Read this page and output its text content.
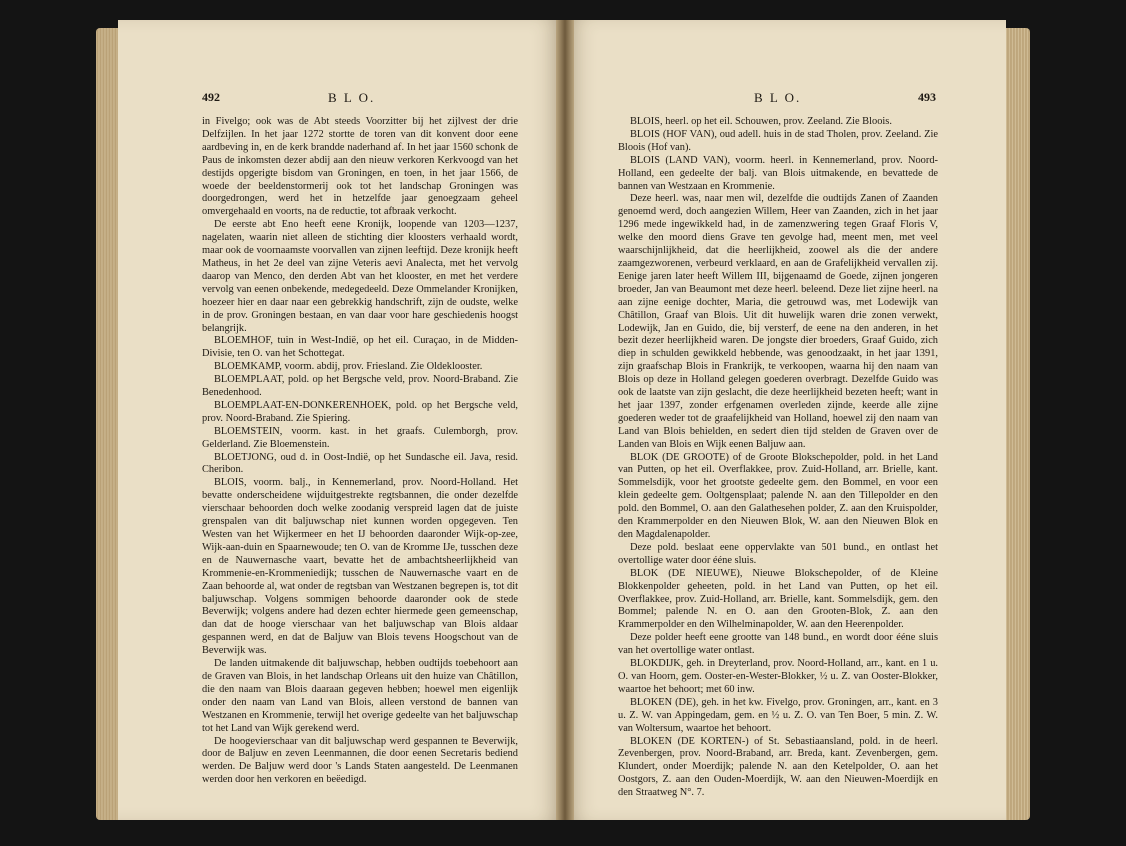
492	B L O.

in Fivelgo; ook was de Abt steeds Voorzitter bij het zijlvest der drie Delfzijlen. In het jaar 1272 stortte de toren van dit konvent door eene aardbeving in, en de kerk brandde naderhand af. In het jaar 1560 schonk de Paus de inkomsten dezer abdij aan den nieuw verkoren Kerkvoogd van het destijds opgerigte bisdom van Groningen, en toen, in het jaar 1566, de woede der beeldenstormerij ook tot het landschap Groningen was doorgedrongen, werd het in hetzelfde jaar genoegzaam geheel omvergehaald en voorts, na de reductie, tot afbraak verkocht.

De eerste abt Eno heeft eene Kronijk, loopende van 1203—1237, nagelaten, waarin niet alleen de stichting dier kloosters verhaald wordt, maar ook de voornaamste voorvallen van zijnen leeftijd. Deze kronijk heeft Matheus, in het 2e deel van zijne Veteris aevi Analecta, met het vervolg daarop van Menco, den derden Abt van het klooster, en met het verdere vervolg van eenen onbekende, medegedeeld. Deze Ommelander Kronijken, hoezeer hier en daar naar een gebrekkig handschrift, zijn de oudste, welke in de prov. Groningen bestaan, en van daar voor hare geschiedenis hoogst belangrijk.

BLOEMHOF, tuin in West-Indië, op het eil. Curaçao, in de Midden-Divisie, ten O. van het Schottegat.

BLOEMKAMP, voorm. abdij, prov. Friesland. Zie Oldeklooster.

BLOEMPLAAT, pold. op het Bergsche veld, prov. Noord-Braband. Zie Benedenhood.

BLOEMPLAAT-EN-DONKERENHOEK, pold. op het Bergsche veld, prov. Noord-Braband. Zie Spiering.

BLOEMSTEIN, voorm. kast. in het graafs. Culemborgh, prov. Gelderland. Zie Bloemenstein.

BLOETJONG, oud d. in Oost-Indië, op het Sundasche eil. Java, resid. Cheribon.

BLOIS, voorm. balj., in Kennemerland, prov. Noord-Holland. Het bevatte onderscheidene wijduitgestrekte regtsbannen, die onder dezelfde vierschaar behoorden doch welke zoodanig verspreid lagen dat de juiste grenspalen van dit baljuwschap niet kunnen worden opgegeven. Ten Westen van het Wijkermeer en het IJ behoorden daaronder Wijk-op-zee, Wijk-aan-duin en Spaarnewoude; ten O. van de Kromme IJe, tusschen deze en de Nauwernasche vaart, bevatte het de ambachtsheerlijkheid van Krommenie-en-Krommeniedijk; tusschen de Nauwernasche vaart en de Zaan behoorde al, wat onder de regtsban van Westzanen begrepen is, tot dit baljuwschap. Volgens sommigen behoorde daaronder ook de stede Beverwijk; volgens andere had dezen echter hiermede geen gemeenschap, dan dat de hooge vierschaar van het baljuwschap van Blois aldaar gespannen werd, en dat de Baljuw van Blois tevens Hoogschout van de Beverwijk was.

De landen uitmakende dit baljuwschap, hebben oudtijds toebehoort aan de Graven van Blois, in het landschap Orleans uit den huize van Châtillon, die den naam van Blois daaraan gegeven hebben; hoewel men eigenlijk onder den naam van Land van Blois, alleen verstond de bannen van Westzanen en Krommenie, terwijl het overige gedeelte van het baljuwschap tot het Land van Wijk gerekend werd.

De hoogevierschaar van dit baljuwschap werd gespannen te Beverwijk, door de Baljuw en zeven Leenmannen, die door eenen Secretaris bediend werden. De Baljuw werd door 's Lands Staten aangesteld. De Leenmanen werden door hen verkoren en beëedigd.

B L O.	493

BLOIS, heerl. op het eil. Schouwen, prov. Zeeland. Zie Bloois.

BLOIS (HOF VAN), oud adell. huis in de stad Tholen, prov. Zeeland. Zie Bloois (Hof van).

BLOIS (LAND VAN), voorm. heerl. in Kennemerland, prov. Noord-Holland, een gedeelte der balj. van Blois uitmakende, en bevattede de bannen van Westzaan en Krommenie.

Deze heerl. was, naar men wil, dezelfde die oudtijds Zanen of Zaanden genoemd werd, doch aangezien Willem, Heer van Zaanden, zich in het jaar 1296 mede ingewikkeld had, in de zamenzwering tegen Graaf Floris V, welke den moord diens Grave ten gevolge had, meent men, met veel waarschijnlijkheid, dat die heerlijkheid, zoowel als die der andere zaamgezworenen, verbeurd verklaard, en aan de Grafelijkheid vervallen zij. Eenige jaren later heeft Willem III, bijgenaamd de Goede, zijnen jongeren broeder, Jan van Beaumont met deze heerl. beleend. Deze liet zijne heerl. na aan zijne eenige dochter, Maria, die getrouwd was, met Lodewijk van Châtillon, Graaf van Blois. Uit dit huwelijk waren drie zonen verwekt, Lodewijk, Jan en Guido, die, bij versterf, de eene na den anderen, in het bezit dezer heerlijkheid waren. De jongste dier broeders, Graaf Guido, zich diep in schulden gewikkeld hebbende, was genoodzaakt, in het jaar 1391, zijn graafschap Blois in Frankrijk, te verkoopen, waarna hij den naam van Blois op deze in Holland gelegen goederen overbragt. Dezelfde Guido was ook de laatste van zijn geslacht, die deze heerlijkheid bezeten heeft; want in het jaar 1397, zonder erfgenamen overleden zijnde, keerde alle zijne goederen weder tot de graafelijkheid van Holland, hoewel zij den naam van Land van Blois behielden, en sedert dien tijd stelden de Graven over de Landen van Blois en Wijk eenen Baljuw aan.

BLOK (DE GROOTE) of de Groote Blokschepolder, pold. in het Land van Putten, op het eil. Overflakkee, prov. Zuid-Holland, arr. Brielle, kant. Sommelsdijk, voor het grootste gedeelte gem. den Bommel, en voor een klein gedeelte gem. Ooltgensplaat; palende N. aan den Tillepolder en den pold. den Bommel, O. aan den Galathesehen polder, Z. aan den Kruispolder, den Krammerpolder en den Nieuwen Blok, W. aan den Nieuwen Blok en den Magdalenapolder.

Deze pold. beslaat eene oppervlakte van 501 bund., en ontlast het overtollige water door ééne sluis.

BLOK (DE NIEUWE), Nieuwe Blokschepolder, of de Kleine Blokkenpolder geheeten, pold. in het Land van Putten, op het eil. Overflakkee, prov. Zuid-Holland, arr. Brielle, kant. Sommelsdijk, gem. den Bommel; palende N. en O. aan den Grooten-Blok, Z. aan den Krammerpolder en den Wilhelminapolder, W. aan den Heerenpolder.

Deze polder heeft eene grootte van 148 bund., en wordt door ééne sluis van het overtollige water ontlast.

BLOKDIJK, geh. in Dreyterland, prov. Noord-Holland, arr., kant. en 1 u. O. van Hoorn, gem. Ooster-en-Wester-Blokker, ½ u. Z. van Ooster-Blokker, waartoe het behoort; met 60 inw.

BLOKEN (DE), geh. in het kw. Fivelgo, prov. Groningen, arr., kant. en 3 u. Z. W. van Appingedam, gem. en ½ u. Z. O. van Ten Boer, 5 min. Z. W. van Woltersum, waartoe het behoort.

BLOKEN (DE KORTEN-) of St. Sebastiaansland, pold. in de heerl. Zevenbergen, prov. Noord-Braband, arr. Breda, kant. Zevenbergen, gem. Klundert, onder Moerdijk; palende N. aan den Ketelpolder, O. aan het Oostgors, Z. aan den Ouden-Moerdijk, W. aan den Nieuwen-Moerdijk en den Straatweg N°. 7.
